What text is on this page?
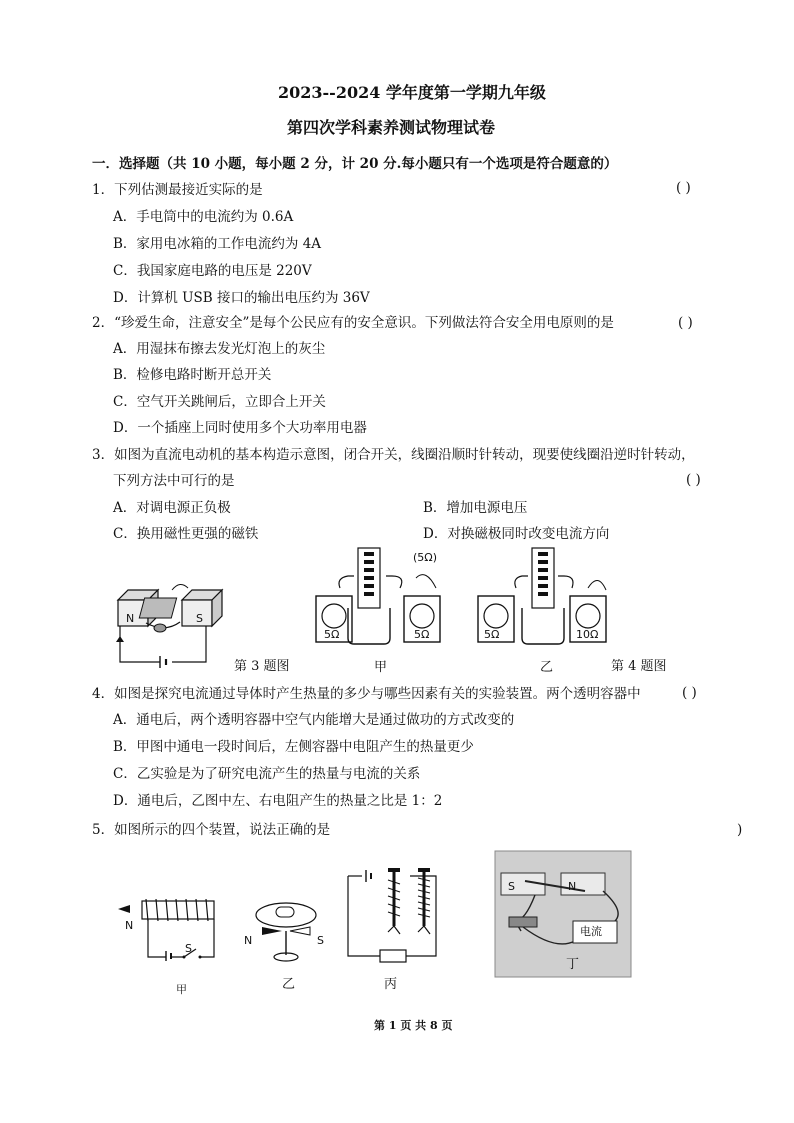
2023--2024 学年度第一学期九年级
第四次学科素养测试物理试卷
一．选择题（共 10 小题，每小题 2 分，计 20 分.每小题只有一个选项是符合题意的）
1．下列估测最接近实际的是	( )
A．手电筒中的电流约为 0.6A
B．家用电冰箱的工作电流约为 4A
C．我国家庭电路的电压是 220V
D．计算机 USB 接口的输出电压约为 36V
2．“珍爱生命，注意安全”是每个公民应有的安全意识。下列做法符合安全用电原则的是	( )
A．用湿抹布擦去发光灯泡上的灰尘
B．检修电路时断开总开关
C．空气开关跳闸后，立即合上开关
D．一个插座上同时使用多个大功率用电器
3．如图为直流电动机的基本构造示意图，闭合开关，线圈沿顺时针转动，现要使线圈沿逆时针转动，
下列方法中可行的是	( )
A．对调电源正负极	B．增加电源电压
C．换用磁性更强的磁铁	D．对换磁极同时改变电流方向
N	S
第 3 题图
5Ω	5Ω
(5Ω)
甲
5Ω	10Ω
乙	第 4 题图
4．如图是探究电流通过导体时产生热量的多少与哪些因素有关的实验装置。两个透明容器中	( )
A．通电后，两个透明容器中空气内能增大是通过做功的方式改变的
B．甲图中通电一段时间后，左侧容器中电阻产生的热量更少
C．乙实验是为了研究电流产生的热量与电流的关系
D．通电后，乙图中左、右电阻产生的热量之比是 1：2
5．如图所示的四个装置，说法正确的是	)
N
S
甲
N	S
乙	丙
S	N
电流
丁
第 1 页 共 8 页
